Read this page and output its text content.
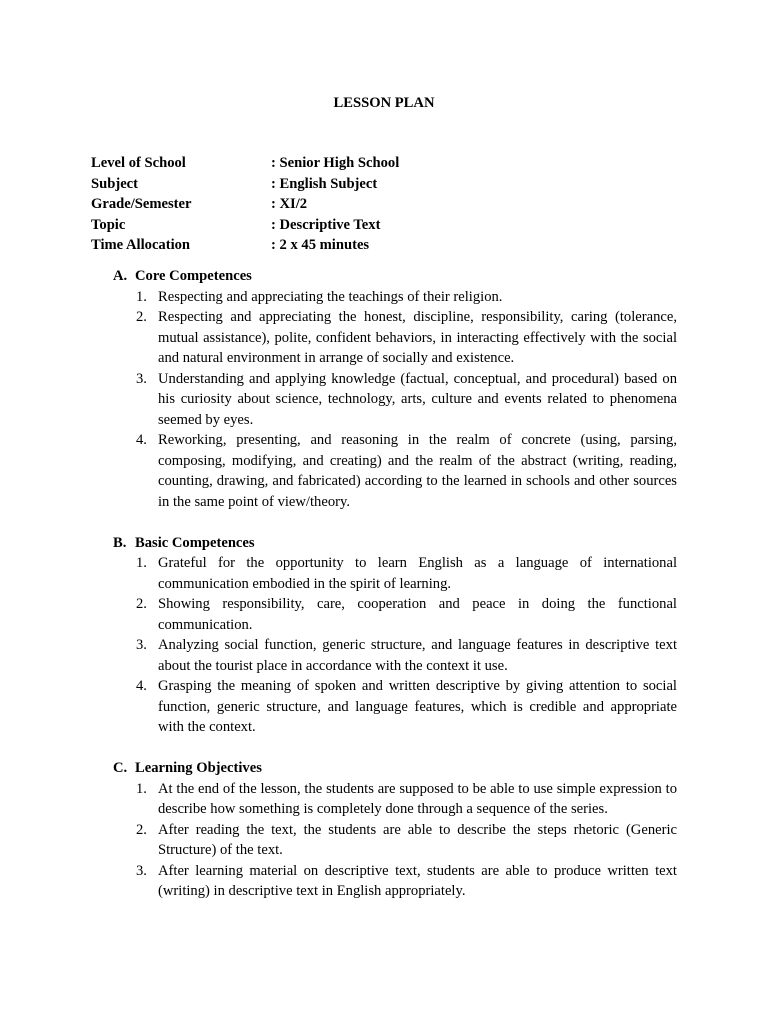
LESSON PLAN
Level of School	: Senior High School
Subject	: English Subject
Grade/Semester	: XI/2
Topic	: Descriptive Text
Time Allocation	: 2 x 45 minutes
A. Core Competences
1. Respecting and appreciating the teachings of their religion.
2. Respecting and appreciating the honest, discipline, responsibility, caring (tolerance, mutual assistance), polite, confident behaviors, in interacting effectively with the social and natural environment in arrange of socially and existence.
3. Understanding and applying knowledge (factual, conceptual, and procedural) based on his curiosity about science, technology, arts, culture and events related to phenomena seemed by eyes.
4. Reworking, presenting, and reasoning in the realm of concrete (using, parsing, composing, modifying, and creating) and the realm of the abstract (writing, reading, counting, drawing, and fabricated) according to the learned in schools and other sources in the same point of view/theory.
B. Basic Competences
1. Grateful for the opportunity to learn English as a language of international communication embodied in the spirit of learning.
2. Showing responsibility, care, cooperation and peace in doing the functional communication.
3. Analyzing social function, generic structure, and language features in descriptive text about the tourist place in accordance with the context it use.
4. Grasping the meaning of spoken and written descriptive by giving attention to social function, generic structure, and language features, which is credible and appropriate with the context.
C. Learning Objectives
1. At the end of the lesson, the students are supposed to be able to use simple expression to describe how something is completely done through a sequence of the series.
2. After reading the text, the students are able to describe the steps rhetoric (Generic Structure) of the text.
3. After learning material on descriptive text, students are able to produce written text (writing) in descriptive text in English appropriately.
